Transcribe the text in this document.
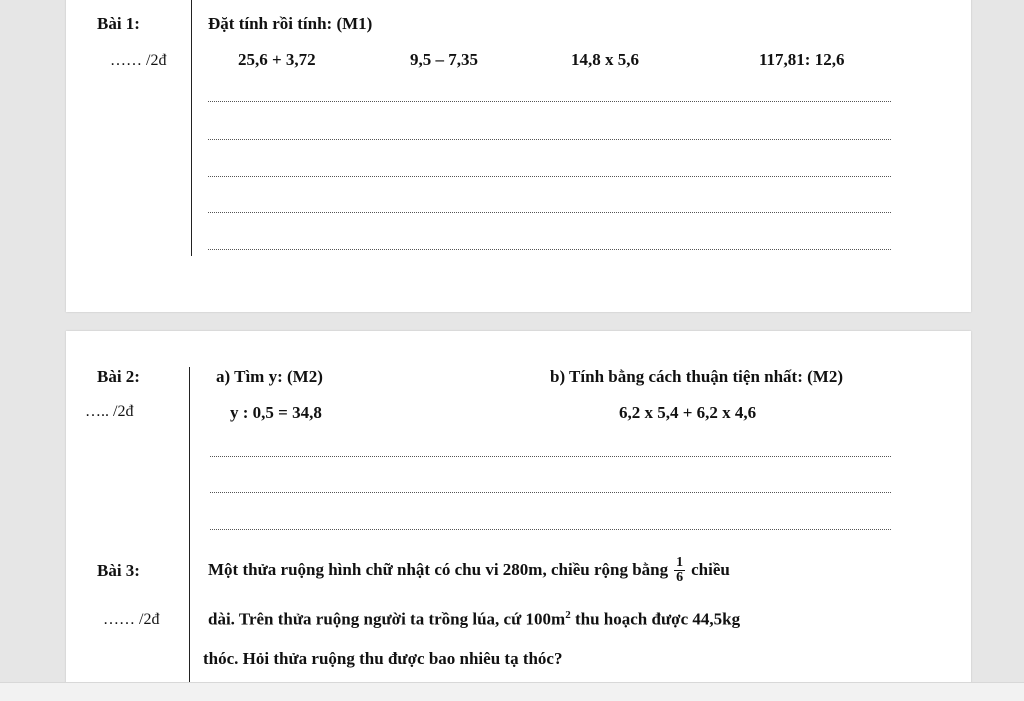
Bài 1:
…… /2đ
Đặt tính rồi tính: (M1)
25,6 + 3,72	9,5 – 7,35	14,8 x 5,6	117,81: 12,6
Bài 2:
….. /2đ
a) Tìm y: (M2)	b) Tính bằng cách thuận tiện nhất: (M2)
y : 0,5 = 34,8	6,2 x 5,4 + 6,2 x 4,6
Bài 3:
…… /2đ
Một thửa ruộng hình chữ nhật có chu vi 280m, chiều rộng bằng $\frac{1}{6}$ chiều
dài. Trên thửa ruộng người ta trồng lúa, cứ $100m^2$ thu hoạch được 44,5kg
thóc. Hỏi thửa ruộng thu được bao nhiêu tạ thóc?
